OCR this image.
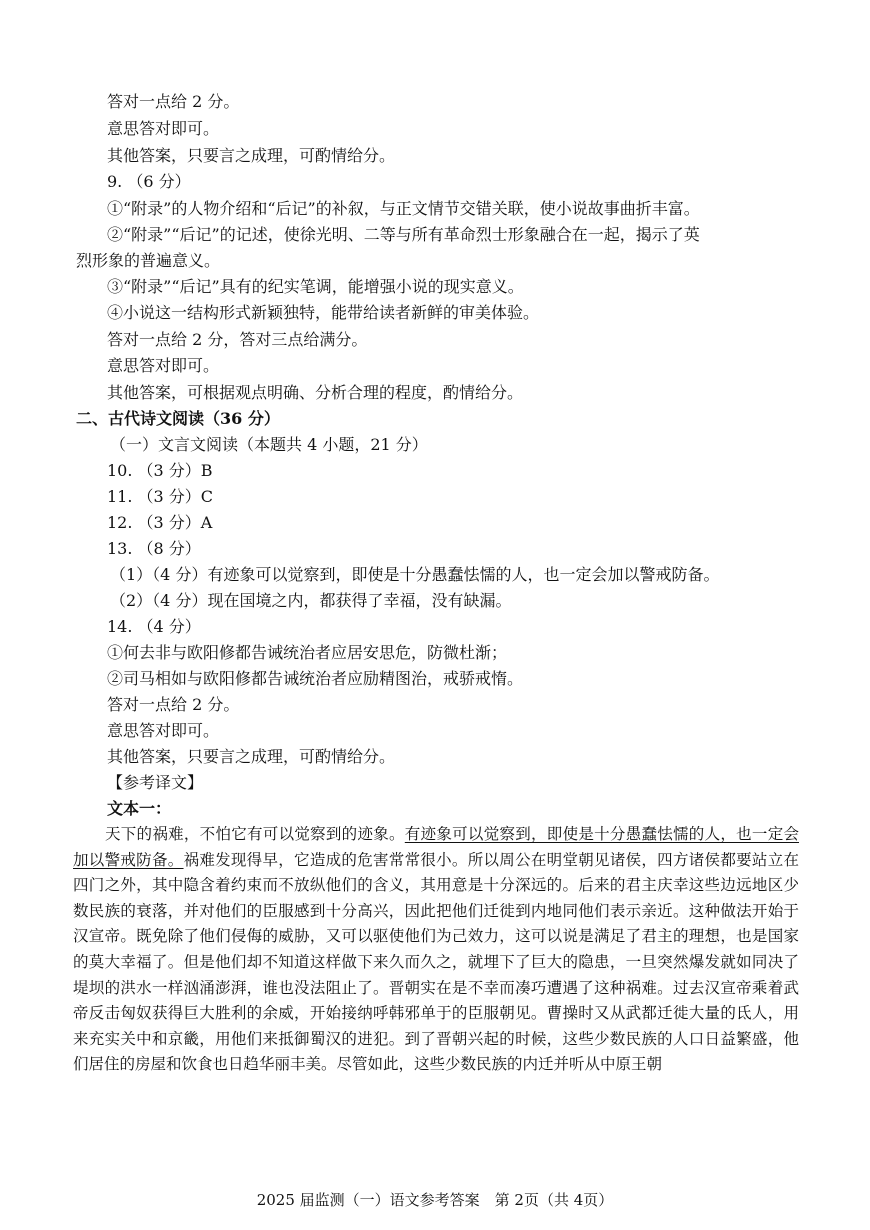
答对一点给 2 分。
意思答对即可。
其他答案，只要言之成理，可酌情给分。
9. （6 分）
①“附录”的人物介绍和“后记”的补叙，与正文情节交错关联，使小说故事曲折丰富。
②“附录”“后记”的记述，使徐光明、二等与所有革命烈士形象融合在一起，揭示了英
烈形象的普遍意义。
③“附录”“后记”具有的纪实笔调，能增强小说的现实意义。
④小说这一结构形式新颖独特，能带给读者新鲜的审美体验。
答对一点给 2 分，答对三点给满分。
意思答对即可。
其他答案，可根据观点明确、分析合理的程度，酌情给分。
二、古代诗文阅读（36 分）
（一）文言文阅读（本题共 4 小题，21 分）
10. （3 分）B
11. （3 分）C
12. （3 分）A
13. （8 分）
（1）（4 分）有迹象可以觉察到，即使是十分愚蠢怯懦的人，也一定会加以警戒防备。
（2）（4 分）现在国境之内，都获得了幸福，没有缺漏。
14. （4 分）
①何去非与欧阳修都告诫统治者应居安思危，防微杜渐；
②司马相如与欧阳修都告诫统治者应励精图治，戒骄戒惰。
答对一点给 2 分。
意思答对即可。
其他答案，只要言之成理，可酌情给分。
【参考译文】
文本一：

天下的祸难，不怕它有可以觉察到的迹象。有迹象可以觉察到，即使是十分愚蠢怯懦的人，也一定会加以警戒防备。祸难发现得早，它造成的危害常常很小。所以周公在明堂朝见诸侯，四方诸侯都要站立在四门之外，其中隐含着约束而不放纵他们的含义，其用意是十分深远的。后来的君主庆幸这些边远地区少数民族的衰落，并对他们的臣服感到十分高兴，因此把他们迁徙到内地同他们表示亲近。这种做法开始于汉宣帝。既免除了他们侵侮的威胁，又可以驱使他们为己效力，这可以说是满足了君主的理想，也是国家的莫大幸福了。但是他们却不知道这样做下来久而久之，就埋下了巨大的隐患，一旦突然爆发就如同决了堤坝的洪水一样汹涌澎湃，谁也没法阻止了。晋朝实在是不幸而凑巧遭遇了这种祸难。过去汉宣帝乘着武帝反击匈奴获得巨大胜利的余威，开始接纳呼韩邪单于的臣服朝见。曹操时又从武都迁徙大量的氐人，用来充实关中和京畿，用他们来抵御蜀汉的进犯。到了晋朝兴起的时候，这些少数民族的人口日益繁盛，他们居住的房屋和饮食也日趋华丽丰美。尽管如此，这些少数民族的内迁并听从中原王朝

2025 届监测（一）语文参考答案　第 2页（共 4页）
